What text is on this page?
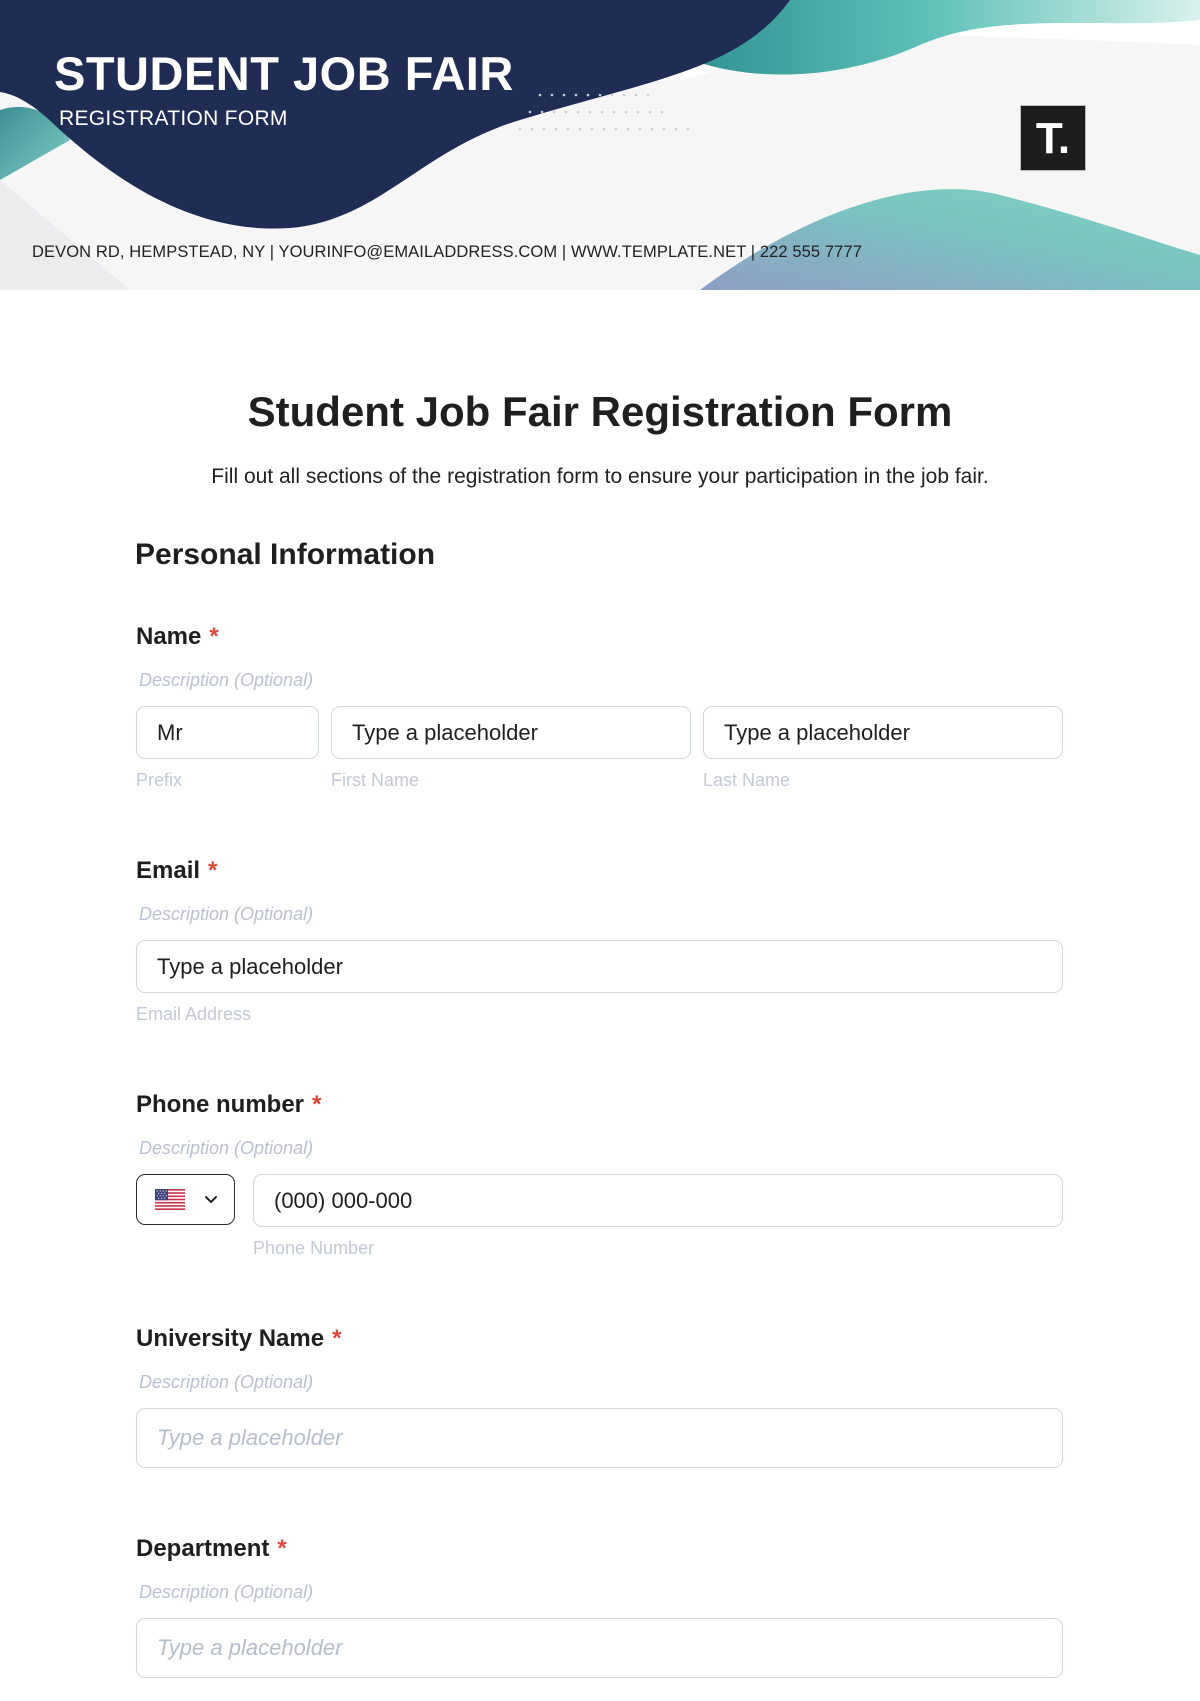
STUDENT JOB FAIR

REGISTRATION FORM	T.
DEVON RD, HEMPSTEAD, NY | YOURINFO@EMAILADDRESS.COM | WWW.TEMPLATE.NET | 222 555 7777
Student Job Fair Registration Form

Fill out all sections of the registration form to ensure your participation in the job fair.

Personal Information
Name *
Description (Optional)
Mr	Type a placeholder	Type a placeholder
Prefix	First Name	Last Name
Email *
Description (Optional)
Type a placeholder
Email Address
Phone number *
Description (Optional)
(000) 000-000
Phone Number
University Name *
Description (Optional)
Type a placeholder
Department *
Description (Optional)
Type a placeholder
